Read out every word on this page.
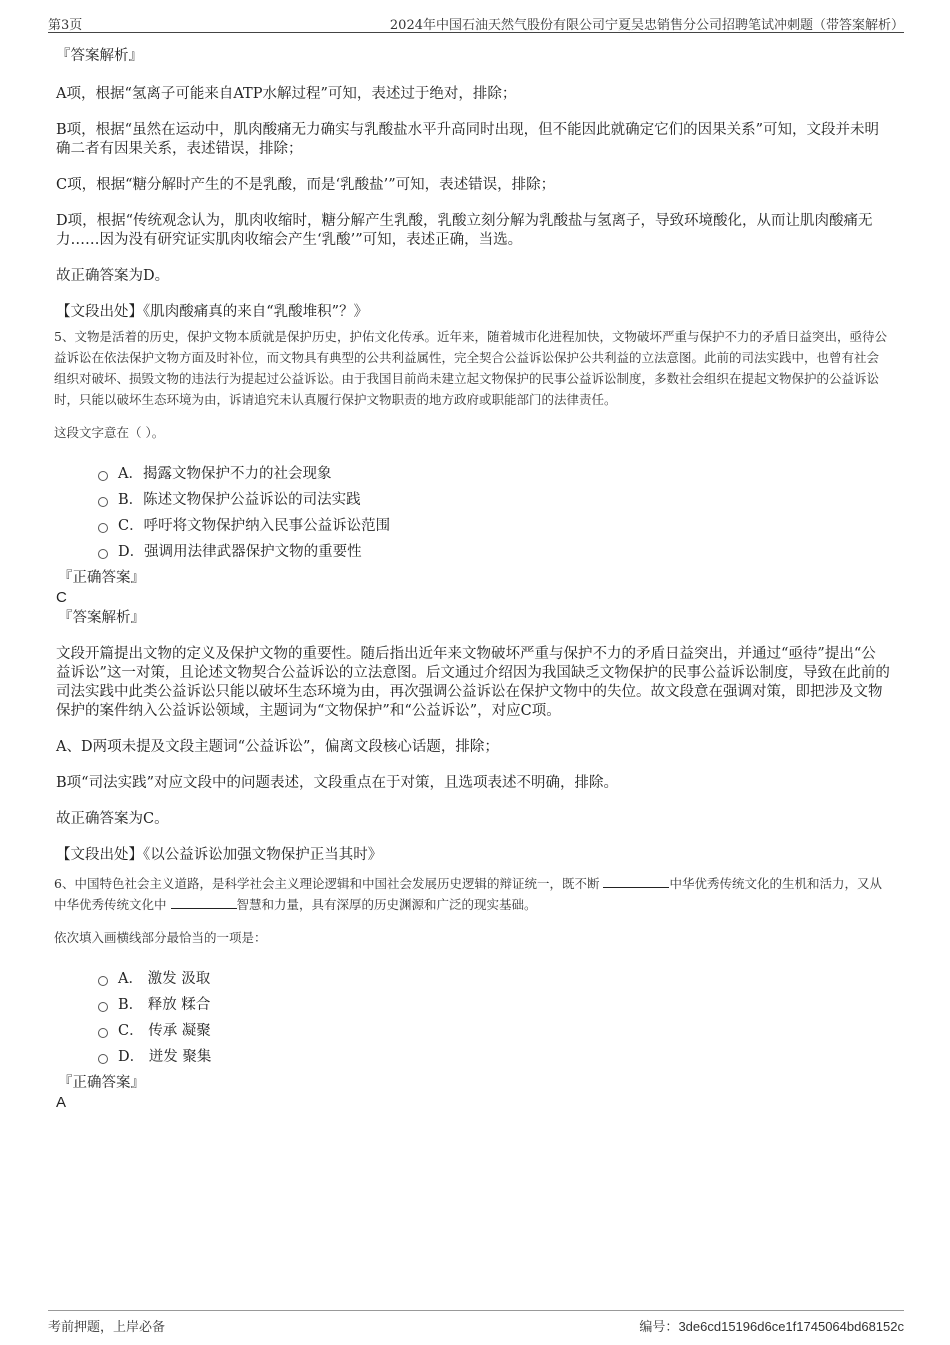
第3页	2024年中国石油天然气股份有限公司宁夏吴忠销售分公司招聘笔试冲刺题（带答案解析）

『答案解析』

A项，根据“氢离子可能来自ATP水解过程”可知，表述过于绝对，排除；

B项，根据“虽然在运动中，肌肉酸痛无力确实与乳酸盐水平升高同时出现，但不能因此就确定它们的因果关系”可知，文段并未明确二者有因果关系，表述错误，排除；

C项，根据“糖分解时产生的不是乳酸，而是‘乳酸盐’”可知，表述错误，排除；

D项，根据“传统观念认为，肌肉收缩时，糖分解产生乳酸，乳酸立刻分解为乳酸盐与氢离子，导致环境酸化，从而让肌肉酸痛无力……因为没有研究证实肌肉收缩会产生‘乳酸’”可知，表述正确，当选。

故正确答案为D。

【文段出处】《肌肉酸痛真的来自“乳酸堆积”？》

5、文物是活着的历史，保护文物本质就是保护历史，护佑文化传承。近年来，随着城市化进程加快，文物破坏严重与保护不力的矛盾日益突出，亟待公益诉讼在依法保护文物方面及时补位，而文物具有典型的公共利益属性，完全契合公益诉讼保护公共利益的立法意图。此前的司法实践中，也曾有社会组织对破坏、损毁文物的违法行为提起过公益诉讼。由于我国目前尚未建立起文物保护的民事公益诉讼制度，多数社会组织在提起文物保护的公益诉讼时，只能以破坏生态环境为由，诉请追究未认真履行保护文物职责的地方政府或职能部门的法律责任。

这段文字意在（ ）。

A．揭露文物保护不力的社会现象
B．陈述文物保护公益诉讼的司法实践
C．呼吁将文物保护纳入民事公益诉讼范围
D．强调用法律武器保护文物的重要性

『正确答案』

C

『答案解析』

文段开篇提出文物的定义及保护文物的重要性。随后指出近年来文物破坏严重与保护不力的矛盾日益突出，并通过“亟待”提出“公益诉讼”这一对策，且论述文物契合公益诉讼的立法意图。后文通过介绍因为我国缺乏文物保护的民事公益诉讼制度，导致在此前的司法实践中此类公益诉讼只能以破坏生态环境为由，再次强调公益诉讼在保护文物中的失位。故文段意在强调对策，即把涉及文物保护的案件纳入公益诉讼领域，主题词为“文物保护”和“公益诉讼”，对应C项。

A、D两项未提及文段主题词“公益诉讼”，偏离文段核心话题，排除；

B项“司法实践”对应文段中的问题表述，文段重点在于对策，且选项表述不明确，排除。

故正确答案为C。

【文段出处】《以公益诉讼加强文物保护正当其时》

6、中国特色社会主义道路，是科学社会主义理论逻辑和中国社会发展历史逻辑的辩证统一，既不断	中华优秀传统文化的生机和活力，又从中华优秀传统文化中	智慧和力量，具有深厚的历史渊源和广泛的现实基础。

依次填入画横线部分最恰当的一项是：

A． 激发 汲取
B． 释放 糅合
C． 传承 凝聚
D． 迸发 聚集

『正确答案』

A

考前押题，上岸必备	编号：3de6cd15196d6ce1f1745064bd68152c
